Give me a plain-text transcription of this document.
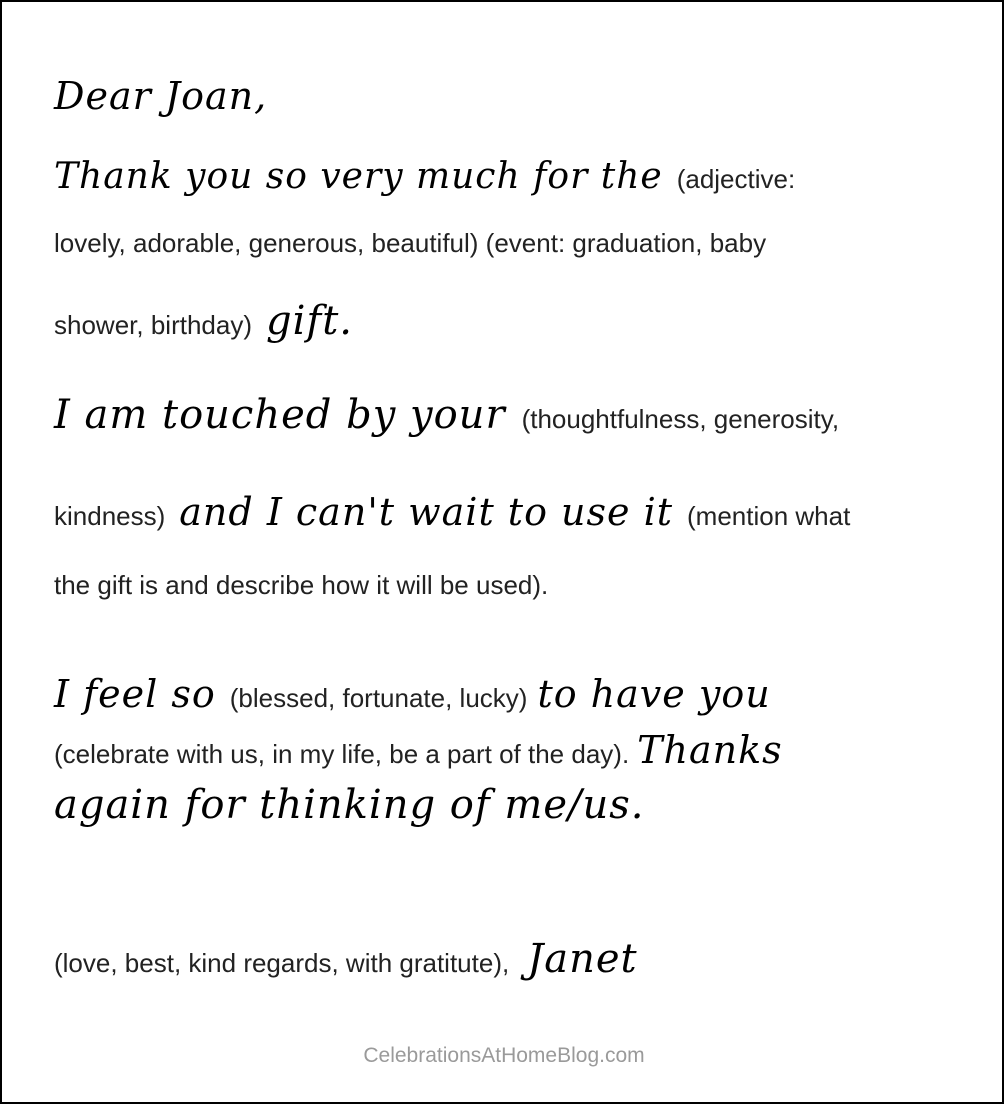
Dear Joan,
Thank you so very much for the (adjective:
lovely, adorable, generous, beautiful) (event: graduation, baby
shower, birthday) gift.
I am touched by your (thoughtfulness, generosity,
kindness) and I can't wait to use it (mention what
the gift is and describe how it will be used).
I feel so (blessed, fortunate, lucky) to have you
(celebrate with us, in my life, be a part of the day). Thanks
again for thinking of me/us.
(love, best, kind regards, with gratitute), Janet
CelebrationsAtHomeBlog.com
